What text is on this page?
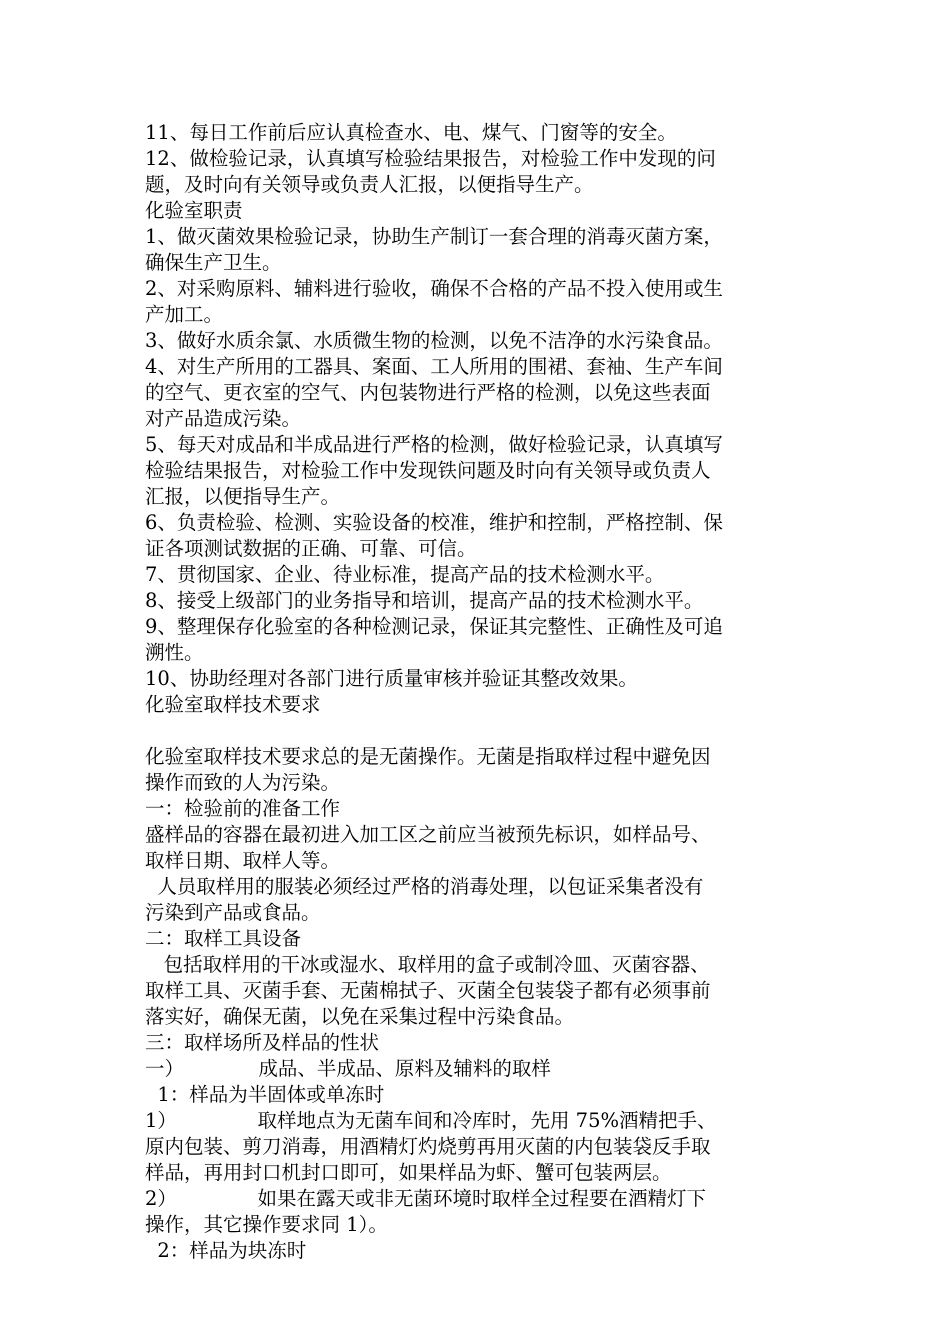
11、每日工作前后应认真检查水、电、煤气、门窗等的安全。
12、做检验记录，认真填写检验结果报告，对检验工作中发现的问
题，及时向有关领导或负责人汇报，以便指导生产。
化验室职责
1、做灭菌效果检验记录，协助生产制订一套合理的消毒灭菌方案，
确保生产卫生。
2、对采购原料、辅料进行验收，确保不合格的产品不投入使用或生
产加工。
3、做好水质余氯、水质微生物的检测，以免不洁净的水污染食品。
4、对生产所用的工器具、案面、工人所用的围裙、套袖、生产车间
的空气、更衣室的空气、内包装物进行严格的检测，以免这些表面
对产品造成污染。
5、每天对成品和半成品进行严格的检测，做好检验记录，认真填写
检验结果报告，对检验工作中发现铁问题及时向有关领导或负责人
汇报，以便指导生产。
6、负责检验、检测、实验设备的校准，维护和控制，严格控制、保
证各项测试数据的正确、可靠、可信。
7、贯彻国家、企业、待业标准，提高产品的技术检测水平。
8、接受上级部门的业务指导和培训，提高产品的技术检测水平。
9、整理保存化验室的各种检测记录，保证其完整性、正确性及可追
溯性。
10、协助经理对各部门进行质量审核并验证其整改效果。
化验室取样技术要求
化验室取样技术要求总的是无菌操作。无菌是指取样过程中避免因
操作而致的人为污染。
一：检验前的准备工作
盛样品的容器在最初进入加工区之前应当被预先标识，如样品号、
取样日期、取样人等。
人员取样用的服装必须经过严格的消毒处理，以包证采集者没有
污染到产品或食品。
二：取样工具设备
包括取样用的干冰或湿水、取样用的盒子或制冷皿、灭菌容器、
取样工具、灭菌手套、无菌棉拭子、灭菌全包装袋子都有必须事前
落实好，确保无菌，以免在采集过程中污染食品。
三：取样场所及样品的性状
一）            成品、半成品、原料及辅料的取样
1：样品为半固体或单冻时
1）             取样地点为无菌车间和冷库时，先用 75%酒精把手、
原内包装、剪刀消毒，用酒精灯灼烧剪再用灭菌的内包装袋反手取
样品，再用封口机封口即可，如果样品为虾、蟹可包装两层。
2）             如果在露天或非无菌环境时取样全过程要在酒精灯下
操作，其它操作要求同 1）。
2：样品为块冻时
